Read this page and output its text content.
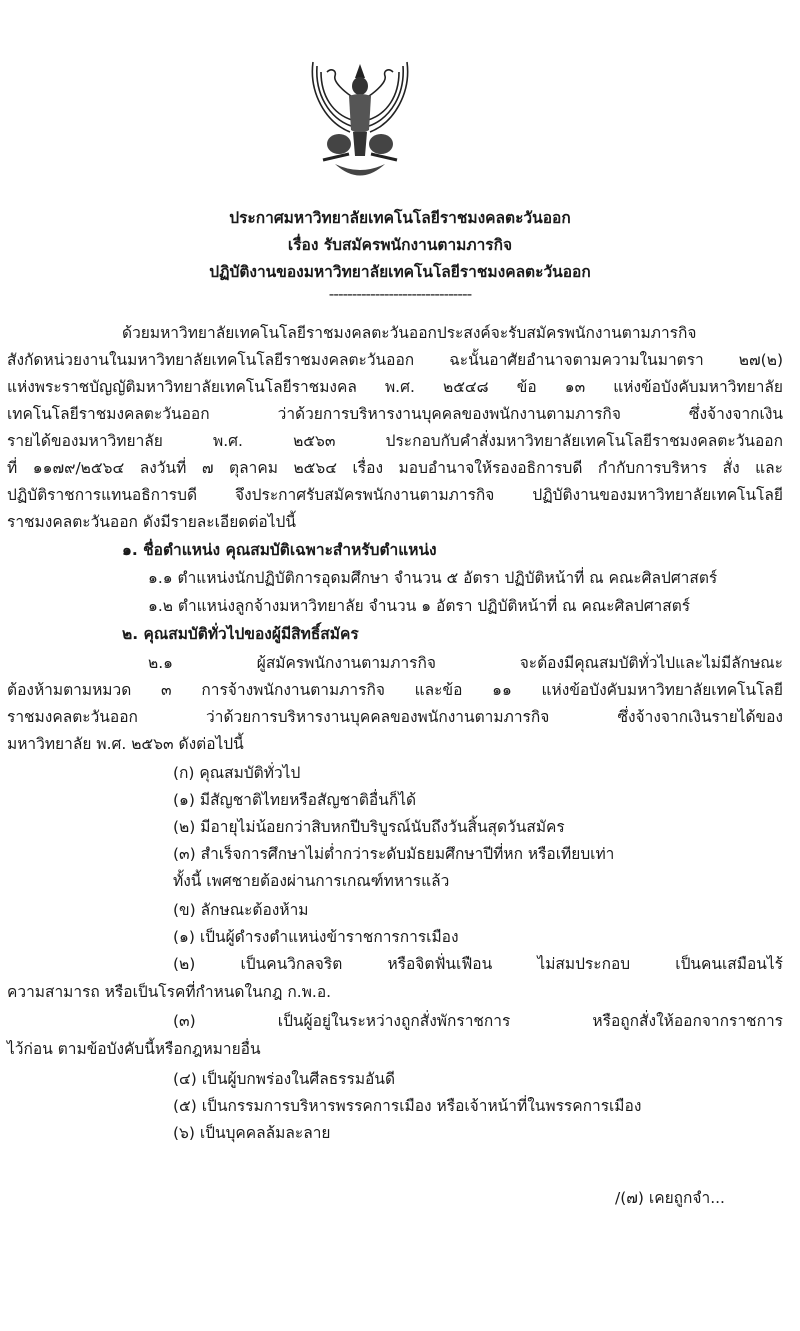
ประกาศมหาวิทยาลัยเทคโนโลยีราชมงคลตะวันออก
เรื่อง รับสมัครพนักงานตามภารกิจ
ปฏิบัติงานของมหาวิทยาลัยเทคโนโลยีราชมงคลตะวันออก
-------------------------------
ด้วยมหาวิทยาลัยเทคโนโลยีราชมงคลตะวันออกประสงค์จะรับสมัครพนักงานตามภารกิจ
สังกัดหน่วยงานในมหาวิทยาลัยเทคโนโลยีราชมงคลตะวันออก ฉะนั้นอาศัยอำนาจตามความในมาตรา ๒๗(๒)
แห่งพระราชบัญญัติมหาวิทยาลัยเทคโนโลยีราชมงคล พ.ศ. ๒๕๔๘ ข้อ ๑๓ แห่งข้อบังคับมหาวิทยาลัย
เทคโนโลยีราชมงคลตะวันออก ว่าด้วยการบริหารงานบุคคลของพนักงานตามภารกิจ ซึ่งจ้างจากเงิน
รายได้ของมหาวิทยาลัย พ.ศ. ๒๕๖๓ ประกอบกับคำสั่งมหาวิทยาลัยเทคโนโลยีราชมงคลตะวันออก
ที่ ๑๑๗๙/๒๕๖๔ ลงวันที่ ๗ ตุลาคม ๒๕๖๔ เรื่อง มอบอำนาจให้รองอธิการบดี กำกับการบริหาร สั่ง และ
ปฏิบัติราชการแทนอธิการบดี จึงประกาศรับสมัครพนักงานตามภารกิจ ปฏิบัติงานของมหาวิทยาลัยเทคโนโลยี
ราชมงคลตะวันออก ดังมีรายละเอียดต่อไปนี้
๑. ชื่อตำแหน่ง คุณสมบัติเฉพาะสำหรับตำแหน่ง
๑.๑ ตำแหน่งนักปฏิบัติการอุดมศึกษา จำนวน ๕ อัตรา ปฏิบัติหน้าที่ ณ คณะศิลปศาสตร์
๑.๒ ตำแหน่งลูกจ้างมหาวิทยาลัย จำนวน ๑ อัตรา ปฏิบัติหน้าที่ ณ คณะศิลปศาสตร์
๒. คุณสมบัติทั่วไปของผู้มีสิทธิ์สมัคร
๒.๑ ผู้สมัครพนักงานตามภารกิจ จะต้องมีคุณสมบัติทั่วไปและไม่มีลักษณะ
ต้องห้ามตามหมวด ๓ การจ้างพนักงานตามภารกิจ และข้อ ๑๑ แห่งข้อบังคับมหาวิทยาลัยเทคโนโลยี
ราชมงคลตะวันออก ว่าด้วยการบริหารงานบุคคลของพนักงานตามภารกิจ ซึ่งจ้างจากเงินรายได้ของ
มหาวิทยาลัย พ.ศ. ๒๕๖๓ ดังต่อไปนี้
(ก) คุณสมบัติทั่วไป
(๑) มีสัญชาติไทยหรือสัญชาติอื่นก็ได้
(๒) มีอายุไม่น้อยกว่าสิบหกปีบริบูรณ์นับถึงวันสิ้นสุดวันสมัคร
(๓) สำเร็จการศึกษาไม่ต่ำกว่าระดับมัธยมศึกษาปีที่หก หรือเทียบเท่า
ทั้งนี้ เพศชายต้องผ่านการเกณฑ์ทหารแล้ว
(ข) ลักษณะต้องห้าม
(๑) เป็นผู้ดำรงตำแหน่งข้าราชการการเมือง
(๒) เป็นคนวิกลจริต หรือจิตฟั่นเฟือน ไม่สมประกอบ เป็นคนเสมือนไร้
ความสามารถ หรือเป็นโรคที่กำหนดในกฎ ก.พ.อ.
(๓) เป็นผู้อยู่ในระหว่างถูกสั่งพักราชการ หรือถูกสั่งให้ออกจากราชการ
ไว้ก่อน ตามข้อบังคับนี้หรือกฎหมายอื่น
(๔) เป็นผู้บกพร่องในศีลธรรมอันดี
(๕) เป็นกรรมการบริหารพรรคการเมือง หรือเจ้าหน้าที่ในพรรคการเมือง
(๖) เป็นบุคคลล้มละลาย
/(๗) เคยถูกจำ...
